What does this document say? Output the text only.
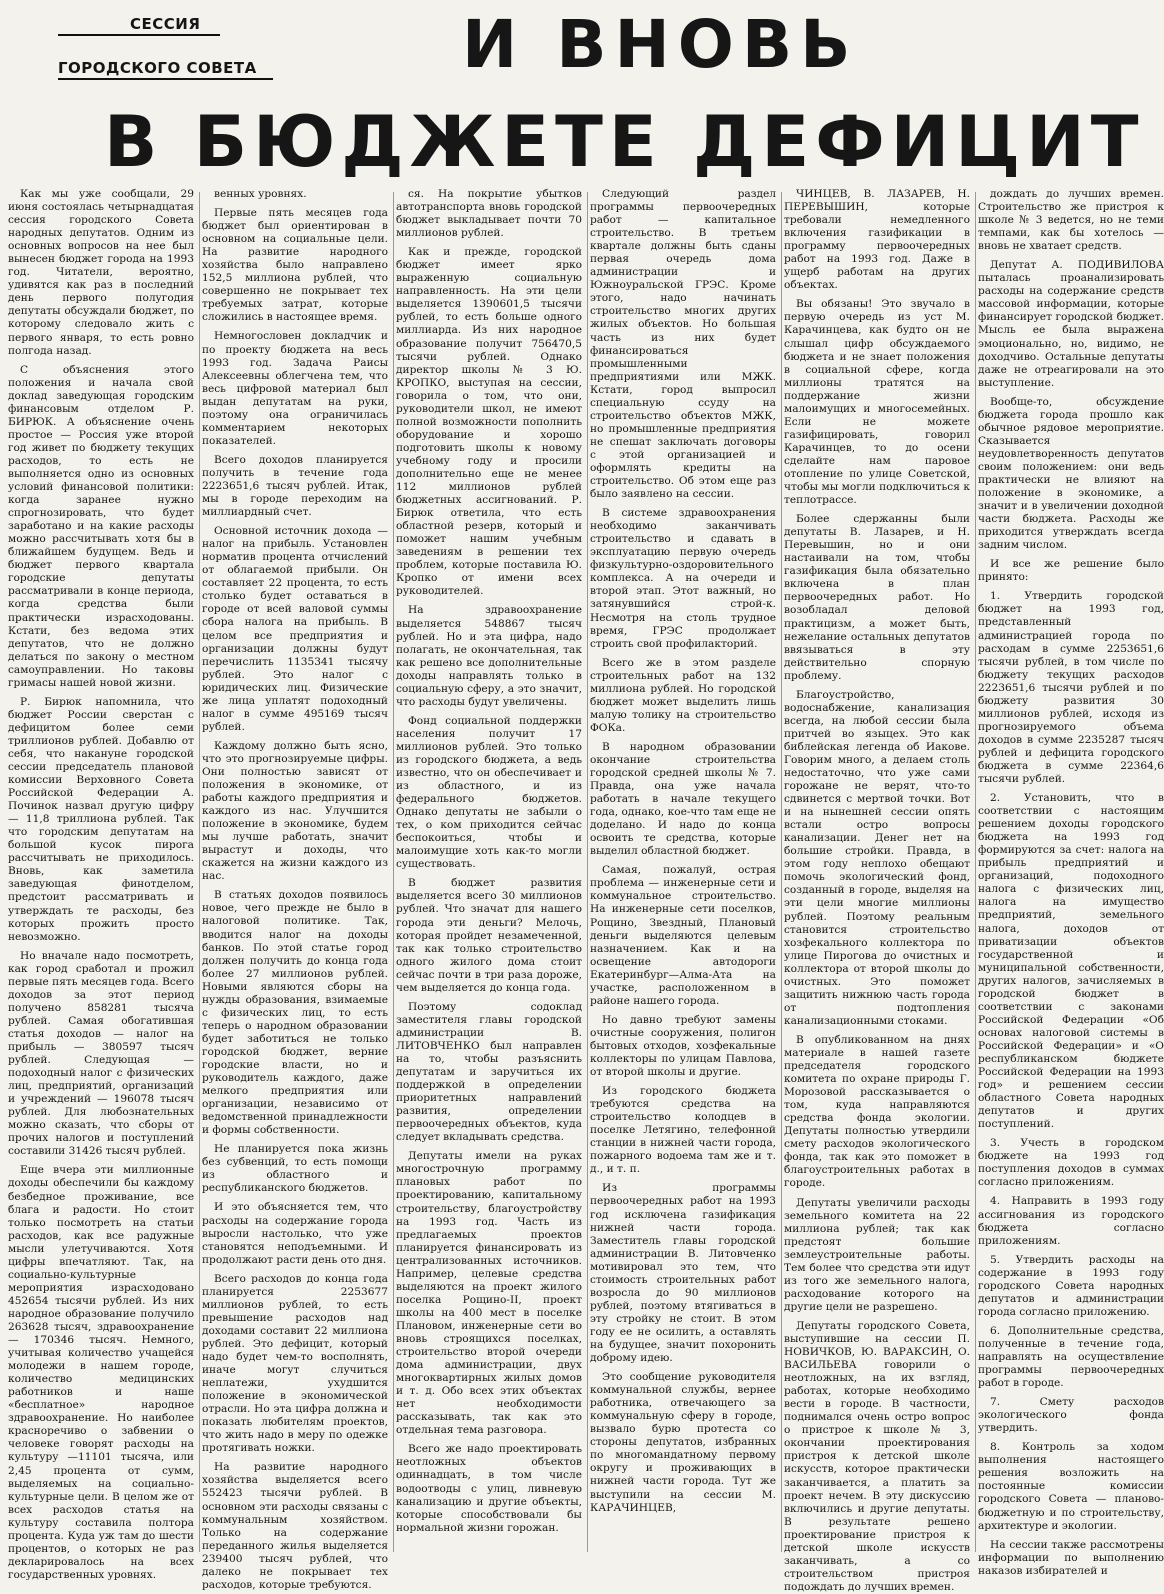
СЕССИЯ
ГОРОДСКОГО СОВЕТА	И ВНОВЬ
В БЮДЖЕТЕ ДЕФИЦИТ

Как мы уже сообщали, 29 июня состоялась четырнадцатая сессия городского Совета народных депутатов. Одним из основных вопросов на нее был вынесен бюджет города на 1993 год. Читатели, вероятно, удивятся как раз в последний день первого полугодия депутаты обсуждали бюджет, по которому следовало жить с первого января, то есть ровно полгода назад.

С объяснения этого положения и начала свой доклад заведующая городским финансовым отделом Р. БИРЮК. А объяснение очень простое — Россия уже второй год живет по бюджету текущих расходов, то есть не выполняется одно из основных условий финансовой политики: когда заранее нужно спрогнозировать, что будет заработано и на какие расходы можно рассчитывать хотя бы в ближайшем будущем. Ведь и бюджет первого квартала городские депутаты рассматривали в конце периода, когда средства были практически израсходованы. Кстати, без ведома этих депутатов, что не должно делаться по закону о местном самоуправлении. Но таковы гримасы нашей новой жизни.

Р. Бирюк напомнила, что бюджет России сверстан с дефицитом более семи триллионов рублей. Добавлю от себя, что накануне городской сессии председатель плановой комиссии Верховного Совета Российской Федерации А. Починок назвал другую цифру — 11,8 триллиона рублей. Так что городским депутатам на большой кусок пирога рассчитывать не приходилось. Вновь, как заметила заведующая финотделом, предстоит рассматривать и утверждать те расходы, без которых прожить просто невозможно.

Но вначале надо посмотреть, как город сработал и прожил первые пять месяцев года. Всего доходов за этот период получено 858281 тысяча рублей. Самая обогатившая статья доходов — налог на прибыль — 380597 тысяч рублей. Следующая — подоходный налог с физических лиц, предприятий, организаций и учреждений — 196078 тысяч рублей. Для любознательных можно сказать, что сборы от прочих налогов и поступлений составили 31426 тысяч рублей.

Еще вчера эти миллионные доходы обеспечили бы каждому безбедное проживание, все блага и радости. Но стоит только посмотреть на статьи расходов, как все радужные мысли улетучиваются. Хотя цифры впечатляют. Так, на социально-культурные мероприятия израсходовано 452654 тысячи рублей. Из них народное образование получило 263628 тысяч, здравоохранение — 170346 тысяч. Немного, учитывая количество учащейся молодежи в нашем городе, количество медицинских работников и наше «бесплатное» народное здравоохранение. Но наиболее красноречиво о забвении о человеке говорят расходы на культуру —11101 тысяча, или 2,45 процента от сумм, выделяемых на социально-культурные цели. В целом же от всех расходов статья на культуру составила полтора процента. Куда уж там до шести процентов, о которых не раз декларировалось на всех государственных уровнях.

венных уровнях.

Первые пять месяцев года бюджет был ориентирован в основном на социальные цели. На развитие народного хозяйства было направлено 152,5 миллиона рублей, что совершенно не покрывает тех требуемых затрат, которые сложились в настоящее время.

Немногословен докладчик и по проекту бюджета на весь 1993 год. Задача Раисы Алексеевны облегчена тем, что весь цифровой материал был выдан депутатам на руки, поэтому она ограничилась комментарием некоторых показателей.

Всего доходов планируется получить в течение года 2223651,6 тысяч рублей. Итак, мы в городе переходим на миллиардный счет.

Основной источник дохода — налог на прибыль. Установлен норматив процента отчислений от облагаемой прибыли. Он составляет 22 процента, то есть столько будет оставаться в городе от всей валовой суммы сбора налога на прибыль. В целом все предприятия и организации должны будут перечислить 1135341 тысячу рублей. Это налог с юридических лиц. Физические же лица уплатят подоходный налог в сумме 495169 тысяч рублей.

Каждому должно быть ясно, что это прогнозируемые цифры. Они полностью зависят от положения в экономике, от работы каждого предприятия и каждого из нас. Улучшится положение в экономике, будем мы лучше работать, значит вырастут и доходы, что скажется на жизни каждого из нас.

В статьях доходов появилось новое, чего прежде не было в налоговой политике. Так, вводится налог на доходы банков. По этой статье город должен получить до конца года более 27 миллионов рублей. Новыми являются сборы на нужды образования, взимаемые с физических лиц, то есть теперь о народном образовании будет заботиться не только городской бюджет, верние городские власти, но и руководитель каждого, даже мелкого предприятия или организации, независимо от ведомственной принадлежности и формы собственности.

Не планируется пока жизнь без субвенций, то есть помощи из областного и республиканского бюджетов.

И это объясняется тем, что расходы на содержание города выросли настолько, что уже становятся неподъемными. И продолжают расти день ото дня.

Всего расходов до конца года планируется 2253677 миллионов рублей, то есть превышение расходов над доходами составит 22 миллиона рублей. Это дефицит, который надо будет чем-то восполнять, иначе могут случиться неплатежи, ухудшится положение в экономической отрасли. Но эта цифра должна и показать любителям проектов, что жить надо в меру по одежке протягивать ножки.

На развитие народного хозяйства выделяется всего 552423 тысячи рублей. В основном эти расходы связаны с коммунальным хозяйством. Только на содержание переданного жилья выделяется 239400 тысяч рублей, что далеко не покрывает тех расходов, которые требуются.

ся. На покрытие убытков автотранспорта вновь городской бюджет выкладывает почти 70 миллионов рублей.

Как и прежде, городской бюджет имеет ярко выраженную социальную направленность. На эти цели выделяется 1390601,5 тысячи рублей, то есть больше одного миллиарда. Из них народное образование получит 756470,5 тысячи рублей. Однако директор школы № 3 Ю. КРОПКО, выступая на сессии, говорила о том, что они, руководители школ, не имеют полной возможности пополнить оборудование и хорошо подготовить школы к новому учебному году и просили дополнительно еще не менее 112 миллионов рублей бюджетных ассигнований. Р. Бирюк ответила, что есть областной резерв, который и поможет нашим учебным заведениям в решении тех проблем, которые поставила Ю. Кропко от имени всех руководителей.

На здравоохранение выделяется 548867 тысяч рублей. Но и эта цифра, надо полагать, не окончательная, так как решено все дополнительные доходы направлять только в социальную сферу, а это значит, что расходы будут увеличены.

Фонд социальной поддержки населения получит 17 миллионов рублей. Это только из городского бюджета, а ведь известно, что он обеспечивает и из областного, и из федерального бюджетов. Однако депутаты не забыли о тех, о ком приходится сейчас беспокоиться, чтобы и малоимущие хоть как-то могли существовать.

В бюджет развития выделяется всего 30 миллионов рублей. Что значат для нашего города эти деньги? Мелочь, которая пройдет незамеченной, так как только строительство одного жилого дома стоит сейчас почти в три раза дороже, чем выделяется до конца года.

Поэтому содоклад заместителя главы городской администрации В. ЛИТОВЧЕНКО был направлен на то, чтобы разъяснить депутатам и заручиться их поддержкой в определении приоритетных направлений развития, определении первоочередных объектов, куда следует вкладывать средства.

Депутаты имели на руках многострочную программу плановых работ по проектированию, капитальному строительству, благоустройству на 1993 год. Часть из предлагаемых проектов планируется финансировать из централизованных источников. Например, целевые средства выделяются на проект жилого поселка Рощино-II, проект школы на 400 мест в поселке Плановом, инженерные сети во вновь строящихся поселках, строительство второй очереди дома администрации, двух многоквартирных жилых домов и т. д. Обо всех этих объектах нет необходимости рассказывать, так как это отдельная тема разговора.

Всего же надо проектировать неотложных объектов одиннадцать, в том числе водоотводы с улиц, ливневую канализацию и другие объекты, которые способствовали бы нормальной жизни горожан.

Следующий раздел программы первоочередных работ — капитальное строительство. В третьем квартале должны быть сданы первая очередь дома администрации и Южноуральской ГРЭС. Кроме этого, надо начинать строительство многих других жилых объектов. Но большая часть из них будет финансироваться промышленными предприятиями или МЖК. Кстати, город выпросил специальную ссуду на строительство объектов МЖК, но промышленные предприятия не спешат заключать договоры с этой организацией и оформлять кредиты на строительство. Об этом еще раз было заявлено на сессии.

В системе здравоохранения необходимо заканчивать строительство и сдавать в эксплуатацию первую очередь физкультурно-оздоровительного комплекса. А на очереди и второй этап. Этот важный, но затянувшийся строй-к. Несмотря на столь трудное время, ГРЭС продолжает строить свой профилакторий.

Всего же в этом разделе строительных работ на 132 миллиона рублей. Но городской бюджет может выделить лишь малую толику на строительство ФОКа.

В народном образовании окончание строительства городской средней школы № 7. Правда, она уже начала работать в начале текущего года, однако, кое-что там еще не доделано. И надо до конца освоить те средства, которые выделил областной бюджет.

Самая, пожалуй, острая проблема — инженерные сети и коммунальное строительство. На инженерные сети поселков, Рощино, Звездный, Плановый деньги выделяются целевым назначением. Как и на освещение автодороги Екатеринбург—Алма-Ата на участке, расположенном в районе нашего города.

Но давно требуют замены очистные сооружения, полигон бытовых отходов, хозфекальные коллекторы по улицам Павлова, от второй школы и другие.

Из городского бюджета требуются средства на строительство колодцев в поселке Летягино, телефонной станции в нижней части города, пожарного водоема там же и т. д., и т. п.

Из программы первоочередных работ на 1993 год исключена газификация нижней части города. Заместитель главы городской администрации В. Литовченко мотивировал это тем, что стоимость строительных работ возросла до 90 миллионов рублей, поэтому втягиваться в эту стройку не стоит. В этом году ее не осилить, а оставлять на будущее, значит похоронить доброму идею.

Это сообщение руководителя коммунальной службы, вернее работника, отвечающего за коммунальную сферу в городе, вызвало бурю протеста со стороны депутатов, избранных по многомандатному первому округу и проживающих в нижней части города. Тут же выступили на сессии М. КАРАЧИНЦЕВ,

ЧИНЦЕВ, В. ЛАЗАРЕВ, Н. ПЕРЕВЫШИН, которые требовали немедленного включения газификации в программу первоочередных работ на 1993 год. Даже в ущерб работам на других объектах.

Вы обязаны! Это звучало в первую очередь из уст М. Карачинцева, как будто он не слышал цифр обсуждаемого бюджета и не знает положения в социальной сфере, когда миллионы тратятся на поддержание жизни малоимущих и многосемейных. Если не можете газифицировать, говорил Карачинцев, то до осени сделайте нам паровое отопление по улице Советской, чтобы мы могли подключиться к теплотрассе.

Более сдержанны были депутаты В. Лазарев, и Н. Перевышин, но и они настаивали на том, чтобы газификация была обязательно включена в план первоочередных работ. Но возобладал деловой практицизм, а может быть, нежелание остальных депутатов ввязываться в эту действительно спорную проблему.

Благоустройство, водоснабжение, канализация всегда, на любой сессии была притчей во языцех. Это как библейская легенда об Иакове. Говорим много, а делаем столь недостаточно, что уже сами горожане не верят, что-то сдвинется с мертвой точки. Вот и на нынешней сессии опять встали остро вопросы канализации. Денег нет на большие стройки. Правда, в этом году неплохо обещают помочь экологический фонд, созданный в городе, выделяя на эти цели многие миллионы рублей. Поэтому реальным становится строительство хозфекального коллектора по улице Пирогова до очистных и коллектора от второй школы до очистных. Это поможет защитить нижнюю часть города от подтопления канализационными стоками.

В опубликованном на днях материале в нашей газете председателя городского комитета по охране природы Г. Морозовой рассказывается о том, куда направляются средства фонда экологии. Депутаты полностью утвердили смету расходов экологического фонда, так как это поможет в благоустроительных работах в городе.

Депутаты увеличили расходы земельного комитета на 22 миллиона рублей; так как предстоят большие землеустроительные работы. Тем более что средства эти идут из того же земельного налога, расходование которого на другие цели не разрешено.

Депутаты городского Совета, выступившие на сессии П. НОВИЧКОВ, Ю. ВАРАКСИН, О. ВАСИЛЬЕВА говорили о неотложных, на их взгляд, работах, которые необходимо вести в городе. В частности, поднимался очень остро вопрос о пристрое к школе № 3, окончании проектирования пристроя к детской школе искусств, которое практически заканчивается, а платить за проект нечем. В эту дискуссию включились и другие депутаты. В результате решено проектирование пристроя к детской школе искусств заканчивать, а со строительством пристроя подождать до лучших времен.

дождать до лучших времен. Строительство же пристроя к школе № 3 ведется, но не теми темпами, как бы хотелось — вновь не хватает средств.

Депутат А. ПОДИВИЛОВА пыталась проанализировать расходы на содержание средств массовой информации, которые финансирует городской бюджет. Мысль ее была выражена эмоционально, но, видимо, не доходчиво. Остальные депутаты даже не отреагировали на это выступление.

Вообще-то, обсуждение бюджета города прошло как обычное рядовое мероприятие. Сказывается неудовлетворенность депутатов своим положением: они ведь практически не влияют на положение в экономике, а значит и в увеличении доходной части бюджета. Расходы же приходится утверждать всегда задним числом.

И все же решение было принято:

1. Утвердить городской бюджет на 1993 год, представленный администрацией города по расходам в сумме 2253651,6 тысячи рублей, в том числе по бюджету текущих расходов 2223651,6 тысячи рублей и по бюджету развития 30 миллионов рублей, исходя из прогнозируемого объема доходов в сумме 2235287 тысяч рублей и дефицита городского бюджета в сумме 22364,6 тысячи рублей.

2. Установить, что в соответствии с настоящим решением доходы городского бюджета на 1993 год формируются за счет: налога на прибыль предприятий и организаций, подоходного налога с физических лиц, налога на имущество предприятий, земельного налога, доходов от приватизации объектов государственной и муниципальной собственности, других налогов, зачисляемых в городской бюджет в соответствии с законами Российской Федерации «Об основах налоговой системы в Российской Федерации» и «О республиканском бюджете Российской Федерации на 1993 год» и решением сессии областного Совета народных депутатов и других поступлений.

3. Учесть в городском бюджете на 1993 год поступления доходов в суммах согласно приложениям.

4. Направить в 1993 году ассигнования из городского бюджета согласно приложениям.

5. Утвердить расходы на содержание в 1993 году городского Совета народных депутатов и администрации города согласно приложению.

6. Дополнительные средства, полученные в течение года, направлять на осуществление программы первоочередных работ в городе.

7. Смету расходов экологического фонда утвердить.

8. Контроль за ходом выполнения настоящего решения возложить на постоянные комиссии городского Совета — планово-бюджетную и по строительству, архитектуре и экологии.

На сессии также рассмотрены информации по выполнению наказов избирателей и
